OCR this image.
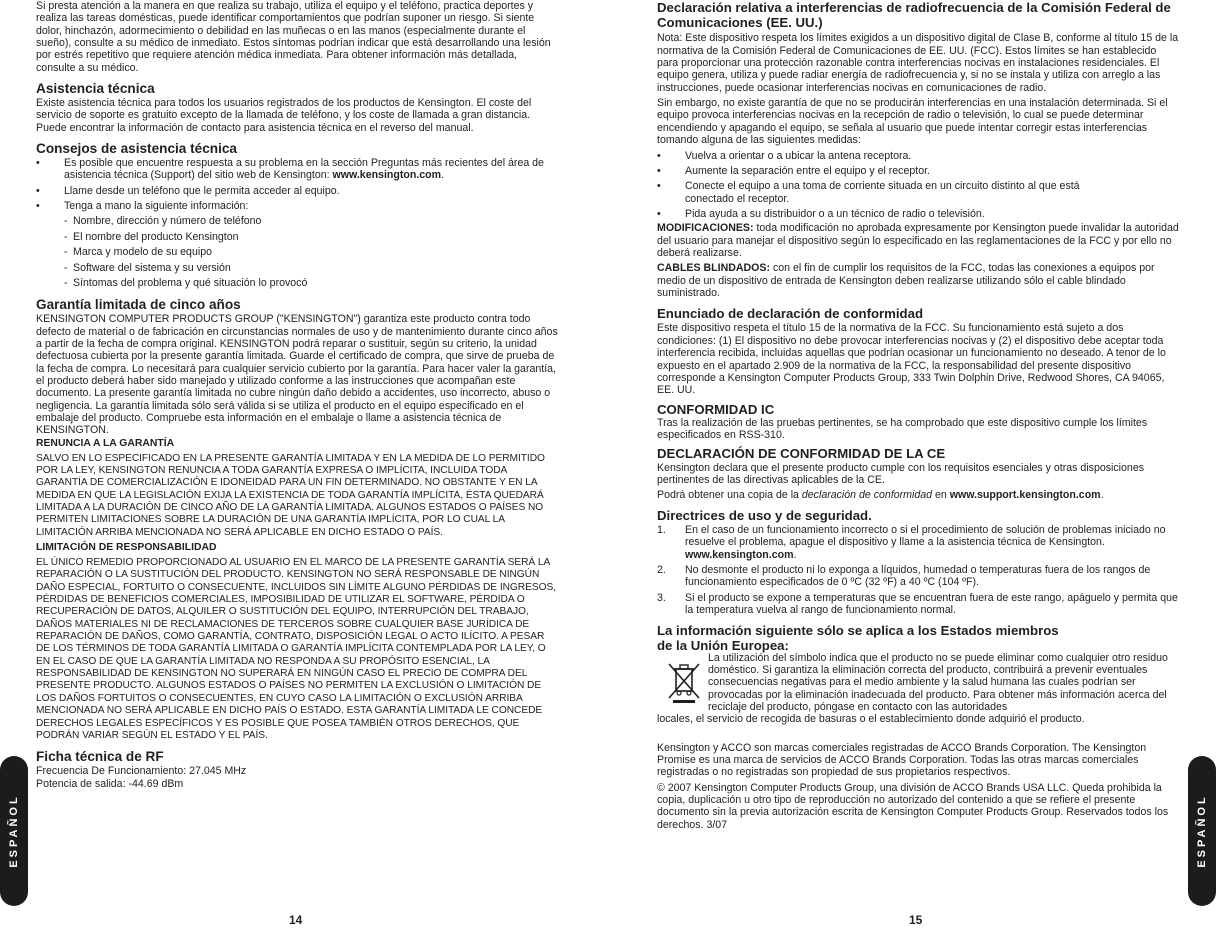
Si presta atención a la manera en que realiza su trabajo, utiliza el equipo y el teléfono, practica deportes y realiza las tareas domésticas, puede identificar comportamientos que podrían suponer un riesgo. Si siente dolor, hinchazón, adormecimiento o debilidad en las muñecas o en las manos (especialmente durante el sueño), consulte a su médico de inmediato. Estos síntomas podrían indicar que está desarrollando una lesión por estrés repetitivo que requiere atención médica inmediata. Para obtener información más detallada, consulte a su médico.

Asistencia técnica

Existe asistencia técnica para todos los usuarios registrados de los productos de Kensington. El coste del servicio de soporte es gratuito excepto de la llamada de teléfono, y los coste de llamada a gran distancia. Puede encontrar la información de contacto para asistencia técnica en el reverso del manual.

Consejos de asistencia técnica
• Es posible que encuentre respuesta a su problema en la sección Preguntas más recientes del área de asistencia técnica (Support) del sitio web de Kensington: www.kensington.com.
• Llame desde un teléfono que le permita acceder al equipo.
• Tenga a mano la siguiente información:
- Nombre, dirección y número de teléfono
- El nombre del producto Kensington
- Marca y modelo de su equipo
- Software del sistema y su versión
- Síntomas del problema y qué situación lo provocó
Garantía limitada de cinco años

KENSINGTON COMPUTER PRODUCTS GROUP ("KENSINGTON") garantiza este producto contra todo defecto de material o de fabricación en circunstancias normales de uso y de mantenimiento durante cinco años a partir de la fecha de compra original. KENSINGTON podrá reparar o sustituir, según su criterio, la unidad defectuosa cubierta por la presente garantía limitada. Guarde el certificado de compra, que sirve de prueba de la fecha de compra. Lo necesitará para cualquier servicio cubierto por la garantía. Para hacer valer la garantía, el producto deberá haber sido manejado y utilizado conforme a las instrucciones que acompañan este documento. La presente garantía limitada no cubre ningún daño debido a accidentes, uso incorrecto, abuso o negligencia. La garantía limitada sólo será válida si se utiliza el producto en el equipo especificado en el embalaje del producto. Compruebe esta información en el embalaje o llame a asistencia técnica de KENSINGTON.

RENUNCIA A LA GARANTÍA

SALVO EN LO ESPECIFICADO EN LA PRESENTE GARANTÍA LIMITADA Y EN LA MEDIDA DE LO PERMITIDO POR LA LEY, KENSINGTON RENUNCIA A TODA GARANTÍA EXPRESA O IMPLÍCITA, INCLUIDA TODA GARANTÍA DE COMERCIALIZACIÓN E IDONEIDAD PARA UN FIN DETERMINADO. NO OBSTANTE Y EN LA MEDIDA EN QUE LA LEGISLACIÓN EXIJA LA EXISTENCIA DE TODA GARANTÍA IMPLÍCITA, ÉSTA QUEDARÁ LIMITADA A LA DURACIÓN DE CINCO AÑO DE LA GARANTÍA LIMITADA. ALGUNOS ESTADOS O PAÍSES NO PERMITEN LIMITACIONES SOBRE LA DURACIÓN DE UNA GARANTÍA IMPLÍCITA, POR LO CUAL LA LIMITACIÓN ARRIBA MENCIONADA NO SERÁ APLICABLE EN DICHO ESTADO O PAÍS.

LIMITACIÓN DE RESPONSABILIDAD

EL ÚNICO REMEDIO PROPORCIONADO AL USUARIO EN EL MARCO DE LA PRESENTE GARANTÍA SERÁ LA REPARACIÓN O LA SUSTITUCIÓN DEL PRODUCTO. KENSINGTON NO SERÁ RESPONSABLE DE NINGÚN DAÑO ESPECIAL, FORTUITO O CONSECUENTE, INCLUIDOS SIN LÍMITE ALGUNO PÉRDIDAS DE INGRESOS, PÉRDIDAS DE BENEFICIOS COMERCIALES, IMPOSIBILIDAD DE UTILIZAR EL SOFTWARE, PÉRDIDA O RECUPERACIÓN DE DATOS, ALQUILER O SUSTITUCIÓN DEL EQUIPO, INTERRUPCIÓN DEL TRABAJO, DAÑOS MATERIALES NI DE RECLAMACIONES DE TERCEROS SOBRE CUALQUIER BASE JURÍDICA DE REPARACIÓN DE DAÑOS, COMO GARANTÍA, CONTRATO, DISPOSICIÓN LEGAL O ACTO ILÍCITO. A PESAR DE LOS TÉRMINOS DE TODA GARANTÍA LIMITADA O GARANTÍA IMPLÍCITA CONTEMPLADA POR LA LEY, O EN EL CASO DE QUE LA GARANTÍA LIMITADA NO RESPONDA A SU PROPÓSITO ESENCIAL, LA RESPONSABILIDAD DE KENSINGTON NO SUPERARÁ EN NINGÚN CASO EL PRECIO DE COMPRA DEL PRESENTE PRODUCTO. ALGUNOS ESTADOS O PAÍSES NO PERMITEN LA EXCLUSIÓN O LIMITACIÓN DE LOS DAÑOS FORTUITOS O CONSECUENTES, EN CUYO CASO LA LIMITACIÓN O EXCLUSIÓN ARRIBA MENCIONADA NO SERÁ APLICABLE EN DICHO PAÍS O ESTADO. ESTA GARANTÍA LIMITADA LE CONCEDE DERECHOS LEGALES ESPECÍFICOS Y ES POSIBLE QUE POSEA TAMBIÉN OTROS DERECHOS, QUE PODRÁN VARIAR SEGÚN EL ESTADO Y EL PAÍS.

Ficha técnica de RF

Frecuencia De Funcionamiento: 27.045 MHz

Potencia de salida: -44.69 dBm

ESPAÑOL
14
Declaración relativa a interferencias de radiofrecuencia de la Comisión Federal de Comunicaciones (EE. UU.)

Nota: Este dispositivo respeta los límites exigidos a un dispositivo digital de Clase B, conforme al título 15 de la normativa de la Comisión Federal de Comunicaciones de EE. UU. (FCC). Estos límites se han establecido para proporcionar una protección razonable contra interferencias nocivas en instalaciones residenciales. El equipo genera, utiliza y puede radiar energía de radiofrecuencia y, si no se instala y utiliza con arreglo a las instrucciones, puede ocasionar interferencias nocivas en comunicaciones de radio.

Sin embargo, no existe garantía de que no se producirán interferencias en una instalación determinada. Si el equipo provoca interferencias nocivas en la recepción de radio o televisión, lo cual se puede determinar encendiendo y apagando el equipo, se señala al usuario que puede intentar corregir estas interferencias tomando alguna de las siguientes medidas:

• Vuelva a orientar o a ubicar la antena receptora.
• Aumente la separación entre el equipo y el receptor.
• Conecte el equipo a una toma de corriente situada en un circuito distinto al que está conectado el receptor.
• Pida ayuda a su distribuidor o a un técnico de radio o televisión.

MODIFICACIONES: toda modificación no aprobada expresamente por Kensington puede invalidar la autoridad del usuario para manejar el dispositivo según lo especificado en las reglamentaciones de la FCC y por ello no deberá realizarse.

CABLES BLINDADOS: con el fin de cumplir los requisitos de la FCC, todas las conexiones a equipos por medio de un dispositivo de entrada de Kensington deben realizarse utilizando sólo el cable blindado suministrado.

Enunciado de declaración de conformidad

Este dispositivo respeta el título 15 de la normativa de la FCC. Su funcionamiento está sujeto a dos condiciones: (1) El dispositivo no debe provocar interferencias nocivas y (2) el dispositivo debe aceptar toda interferencia recibida, incluidas aquellas que podrían ocasionar un funcionamiento no deseado. A tenor de lo expuesto en el apartado 2.909 de la normativa de la FCC, la responsabilidad del presente dispositivo corresponde a Kensington Computer Products Group, 333 Twin Dolphin Drive, Redwood Shores, CA 94065, EE. UU.

CONFORMIDAD IC

Tras la realización de las pruebas pertinentes, se ha comprobado que este dispositivo cumple los límites especificados en RSS-310.

DECLARACIÓN DE CONFORMIDAD DE LA CE

Kensington declara que el presente producto cumple con los requisitos esenciales y otras disposiciones pertinentes de las directivas aplicables de la CE.

Podrá obtener una copia de la declaración de conformidad en www.support.kensington.com.

Directrices de uso y de seguridad.
1. En el caso de un funcionamiento incorrecto o si el procedimiento de solución de problemas iniciado no resuelve el problema, apague el dispositivo y llame a la asistencia técnica de Kensington. www.kensington.com.
2. No desmonte el producto ni lo exponga a líquidos, humedad o temperaturas fuera de los rangos de funcionamiento especificados de 0 ºC (32 ºF) a 40 ºC (104 ºF).
3. Si el producto se expone a temperaturas que se encuentran fuera de este rango, apáguelo y permita que la temperatura vuelva al rango de funcionamiento normal.
La información siguiente sólo se aplica a los Estados miembros
de la Unión Europea:

La utilización del símbolo indica que el producto no se puede eliminar como cualquier otro residuo doméstico. Si garantiza la eliminación correcta del producto, contribuirá a prevenir eventuales consecuencias negativas para el medio ambiente y la salud humana las cuales podrían ser provocadas por la eliminación inadecuada del producto. Para obtener más información acerca del reciclaje del producto, póngase en contacto con las autoridades

locales, el servicio de recogida de basuras o el establecimiento donde adquirió el producto.

Kensington y ACCO son marcas comerciales registradas de ACCO Brands Corporation. The Kensington Promise es una marca de servicios de ACCO Brands Corporation. Todas las otras marcas comerciales registradas o no registradas son propiedad de sus propietarios respectivos.

© 2007 Kensington Computer Products Group, una división de ACCO Brands USA LLC. Queda prohibida la copia, duplicación u otro tipo de reproducción no autorizado del contenido a que se refiere el presente documento sin la previa autorización escrita de Kensington Computer Products Group. Reservados todos los derechos. 3/07	ESPAÑOL
15
